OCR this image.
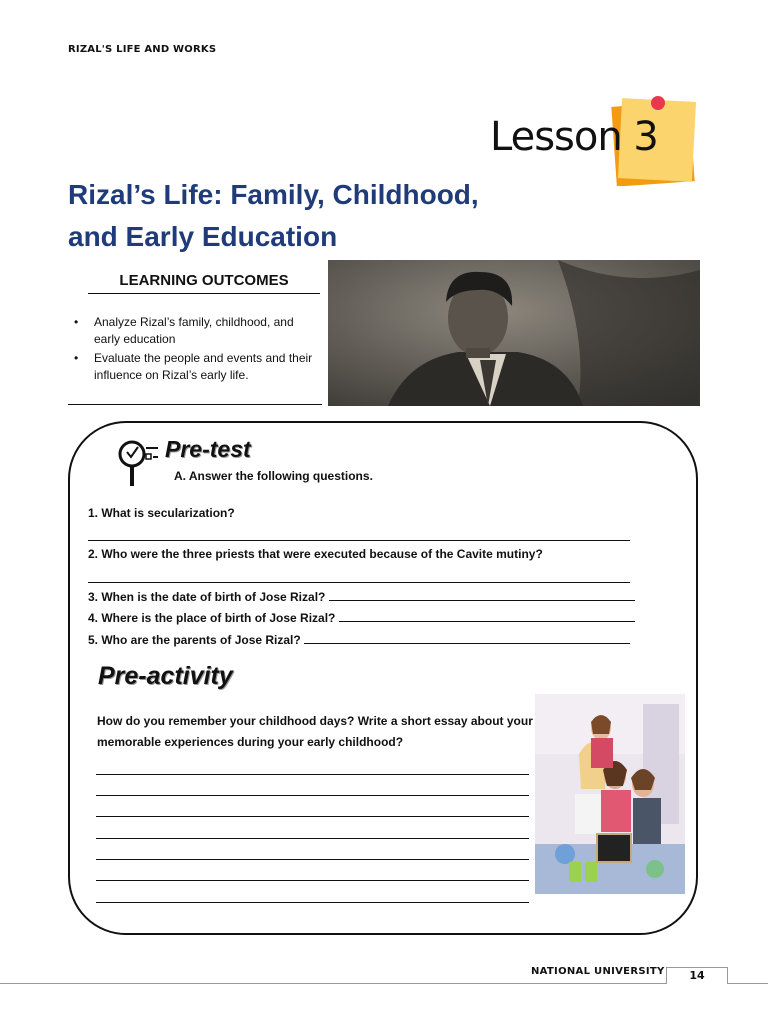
RIZAL'S LIFE AND WORKS
Lesson 3
Rizal’s Life: Family, Childhood,
and Early Education
LEARNING OUTCOMES
• Analyze Rizal’s family, childhood, and early education
• Evaluate the people and events and their influence on Rizal’s early life.
Pre-test
A. Answer the following questions.
1. What is secularization?
2. Who were the three priests that were executed because of the Cavite mutiny?
3. When is the date of birth of Jose Rizal?
4. Where is the place of birth of Jose Rizal?
5. Who are the parents of Jose Rizal?
Pre-activity
How do you remember your childhood days? Write a short essay about your memorable experiences during your early childhood?
NATIONAL UNIVERSITY	14
